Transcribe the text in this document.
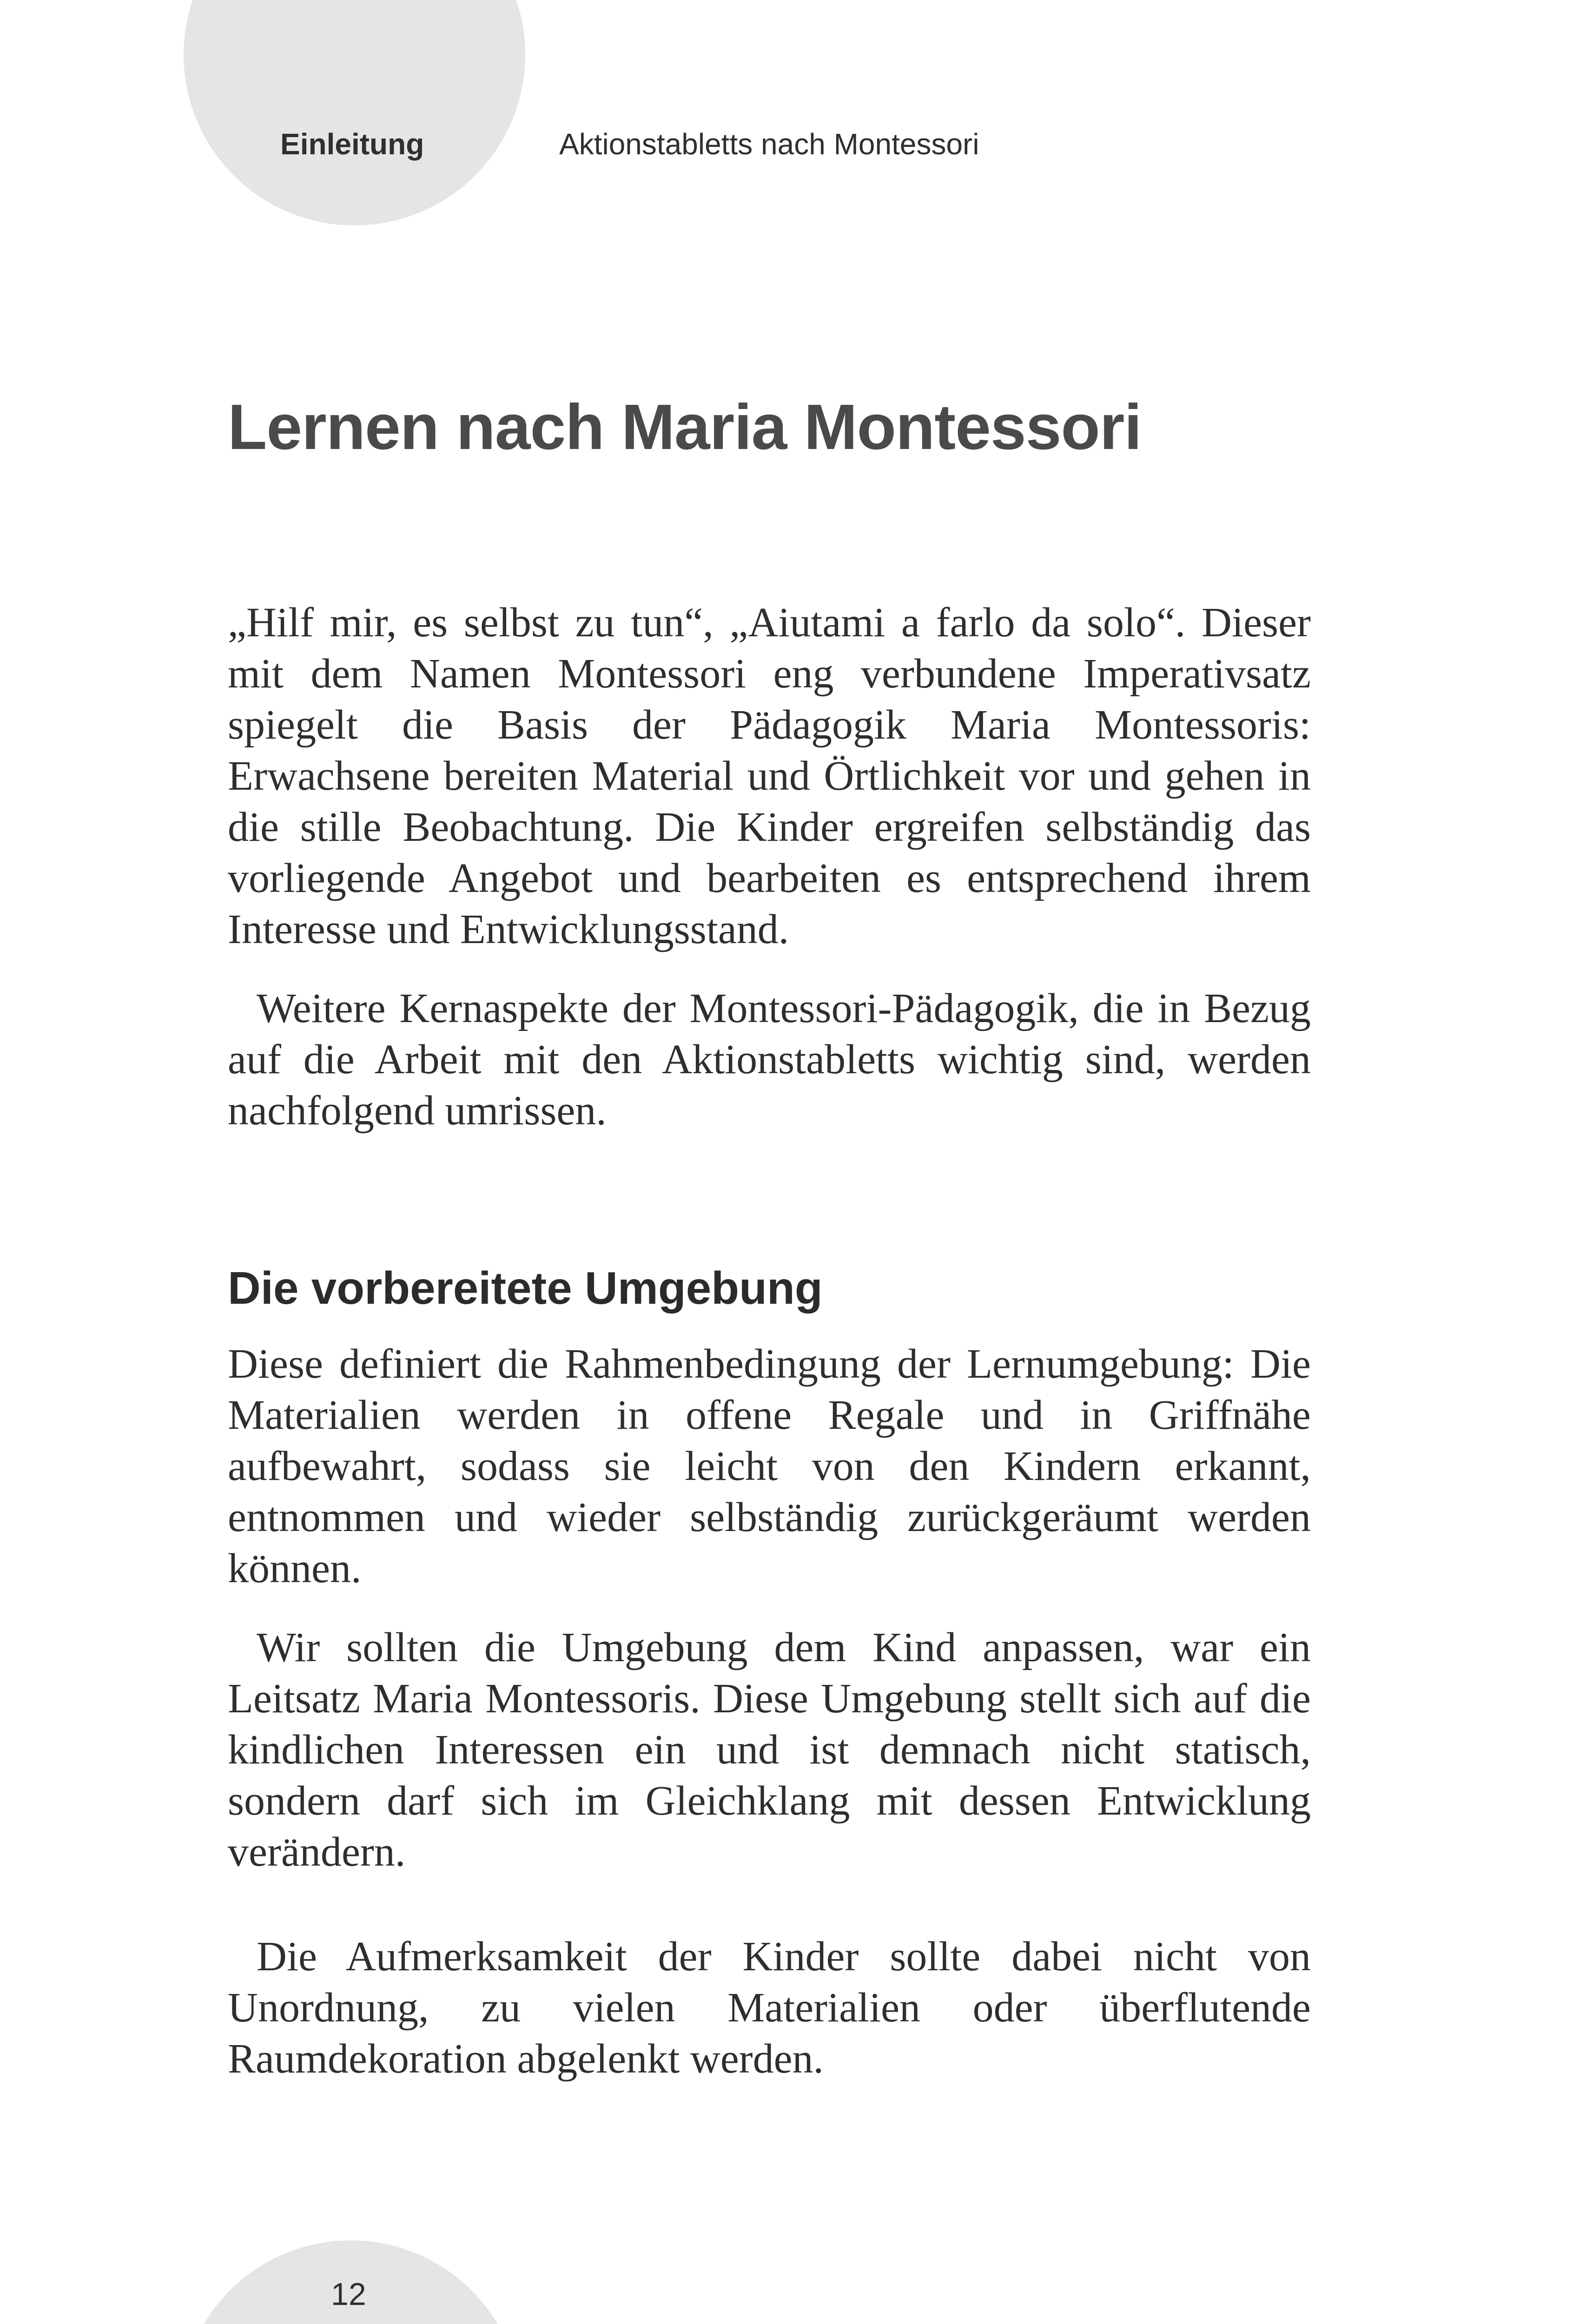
Einleitung	Aktionstabletts nach Montessori
Lernen nach Maria Montessori

„Hilf mir, es selbst zu tun“, „Aiutami a farlo da solo“. Dieser mit dem Namen Montessori eng verbundene Imperativsatz spiegelt die Basis der Pädagogik Maria Montessoris: Erwachsene bereiten Material und Örtlichkeit vor und gehen in die stille Beobachtung. Die Kinder ergreifen selbständig das vorliegende Angebot und bearbeiten es entsprechend ihrem Interesse und Entwicklungsstand.

Weitere Kernaspekte der Montessori-Pädagogik, die in Bezug auf die Arbeit mit den Aktionstabletts wichtig sind, werden nachfolgend umrissen.

Die vorbereitete Umgebung

Diese definiert die Rahmenbedingung der Lernumgebung: Die Materialien werden in offene Regale und in Griffnähe aufbewahrt, sodass sie leicht von den Kindern erkannt, entnommen und wieder selbständig zurückgeräumt werden können.

Wir sollten die Umgebung dem Kind anpassen, war ein Leitsatz Maria Montessoris. Diese Umgebung stellt sich auf die kindlichen Interessen ein und ist demnach nicht statisch, sondern darf sich im Gleichklang mit dessen Entwicklung verändern.

Die Aufmerksamkeit der Kinder sollte dabei nicht von Unordnung, zu vielen Materialien oder überflutende Raumdekoration abgelenkt werden.

12
